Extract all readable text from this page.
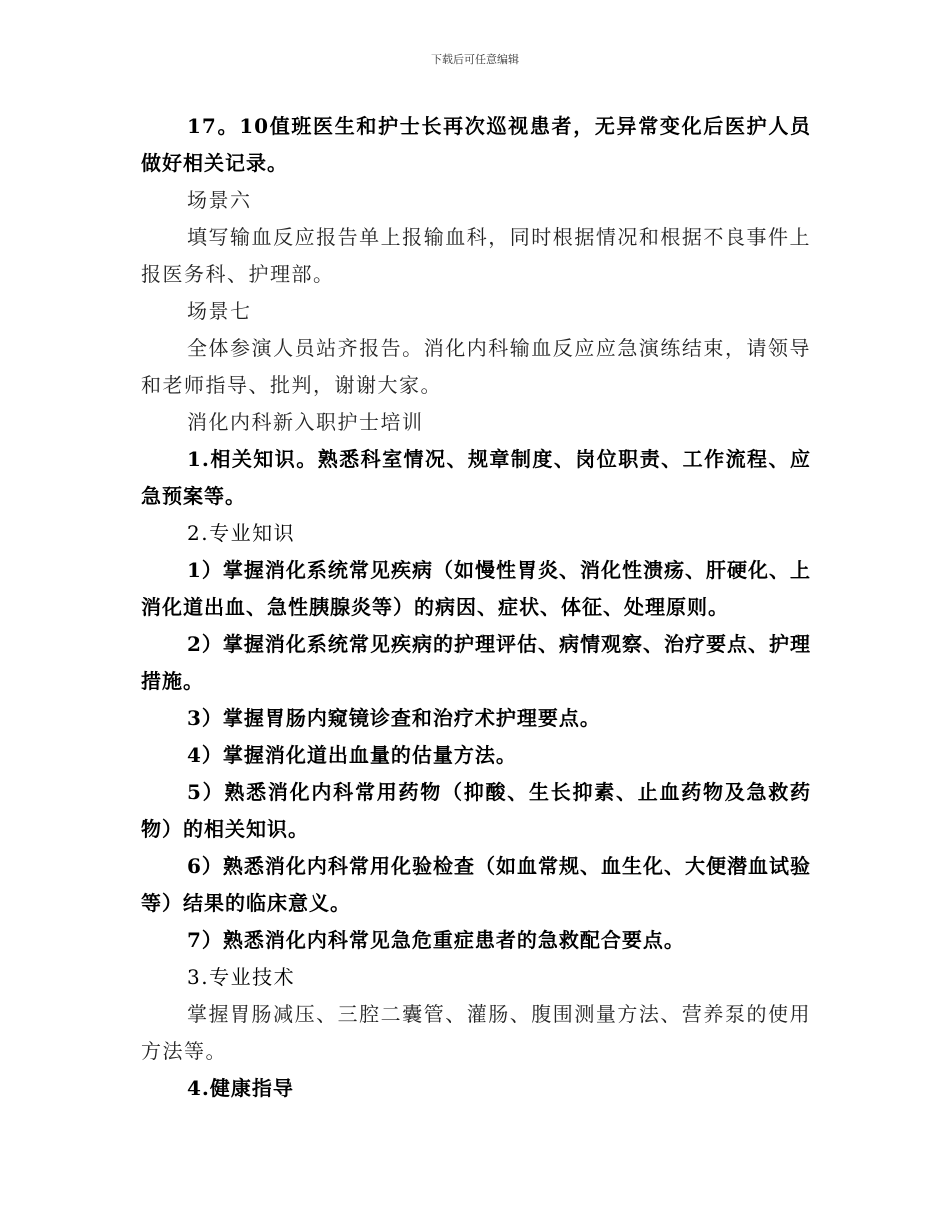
下载后可任意编辑

17。10值班医生和护士长再次巡视患者，无异常变化后医护人员做好相关记录。

场景六

填写输血反应报告单上报输血科，同时根据情况和根据不良事件上报医务科、护理部。

场景七

全体参演人员站齐报告。消化内科输血反应应急演练结束，请领导和老师指导、批判，谢谢大家。

消化内科新入职护士培训

1.相关知识。熟悉科室情况、规章制度、岗位职责、工作流程、应急预案等。

2.专业知识

1）掌握消化系统常见疾病（如慢性胃炎、消化性溃疡、肝硬化、上消化道出血、急性胰腺炎等）的病因、症状、体征、处理原则。

2）掌握消化系统常见疾病的护理评估、病情观察、治疗要点、护理措施。

3）掌握胃肠内窥镜诊查和治疗术护理要点。

4）掌握消化道出血量的估量方法。

5）熟悉消化内科常用药物（抑酸、生长抑素、止血药物及急救药物）的相关知识。

6）熟悉消化内科常用化验检查（如血常规、血生化、大便潜血试验等）结果的临床意义。

7）熟悉消化内科常见急危重症患者的急救配合要点。

3.专业技术

掌握胃肠减压、三腔二囊管、灌肠、腹围测量方法、营养泵的使用方法等。

4.健康指导
